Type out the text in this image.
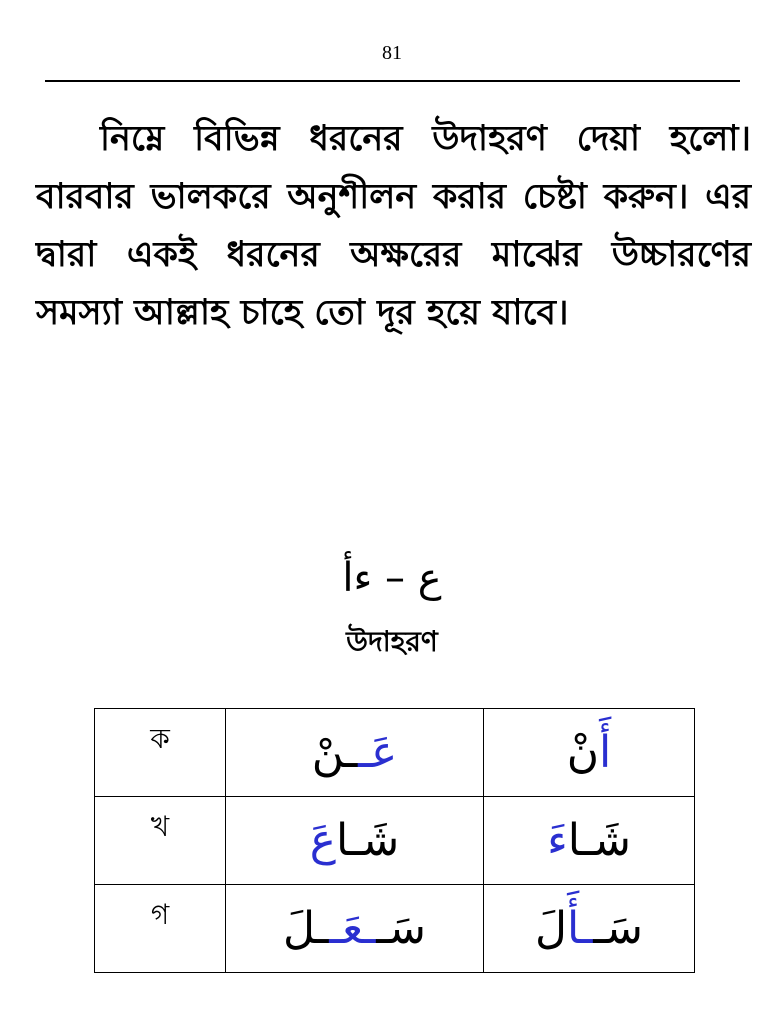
81

নিম্নে বিভিন্ন ধরনের উদাহরণ দেয়া হলো। বারবার ভালকরে অনুশীলন করার চেষ্টা করুন। এর দ্বারা একই ধরনের অক্ষরের মাঝের উচ্চারণের সমস্যা আল্লাহ চাহে তো দূর হয়ে যাবে।

ع – ءأ
উদাহরণ
ক	عَــنْ	أَنْ
খ	شَـاعَ	شَـاءَ
গ	سَــعَــلَ	سَــأَلَ
